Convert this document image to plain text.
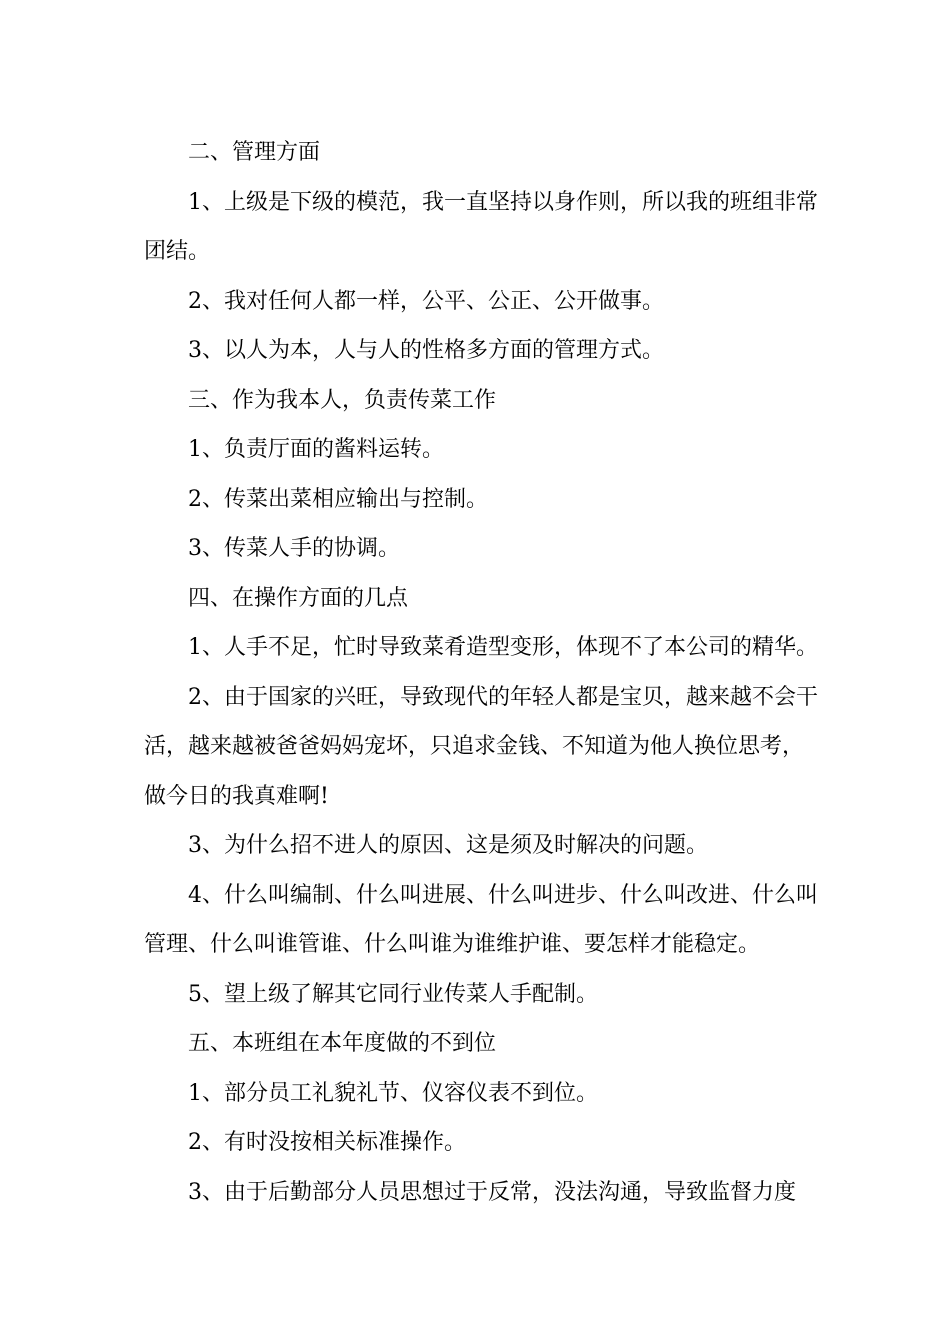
二、管理方面

1、上级是下级的模范，我一直坚持以身作则，所以我的班组非常团结。

2、我对任何人都一样，公平、公正、公开做事。

3、以人为本，人与人的性格多方面的管理方式。

三、作为我本人，负责传菜工作

1、负责厅面的酱料运转。

2、传菜出菜相应输出与控制。

3、传菜人手的协调。

四、在操作方面的几点

1、人手不足，忙时导致菜肴造型变形，体现不了本公司的精华。

2、由于国家的兴旺，导致现代的年轻人都是宝贝，越来越不会干活，越来越被爸爸妈妈宠坏，只追求金钱、不知道为他人换位思考，做今日的我真难啊!

3、为什么招不进人的原因、这是须及时解决的问题。

4、什么叫编制、什么叫进展、什么叫进步、什么叫改进、什么叫管理、什么叫谁管谁、什么叫谁为谁维护谁、要怎样才能稳定。

5、望上级了解其它同行业传菜人手配制。

五、本班组在本年度做的不到位

1、部分员工礼貌礼节、仪容仪表不到位。

2、有时没按相关标准操作。

3、由于后勤部分人员思想过于反常，没法沟通，导致监督力度
